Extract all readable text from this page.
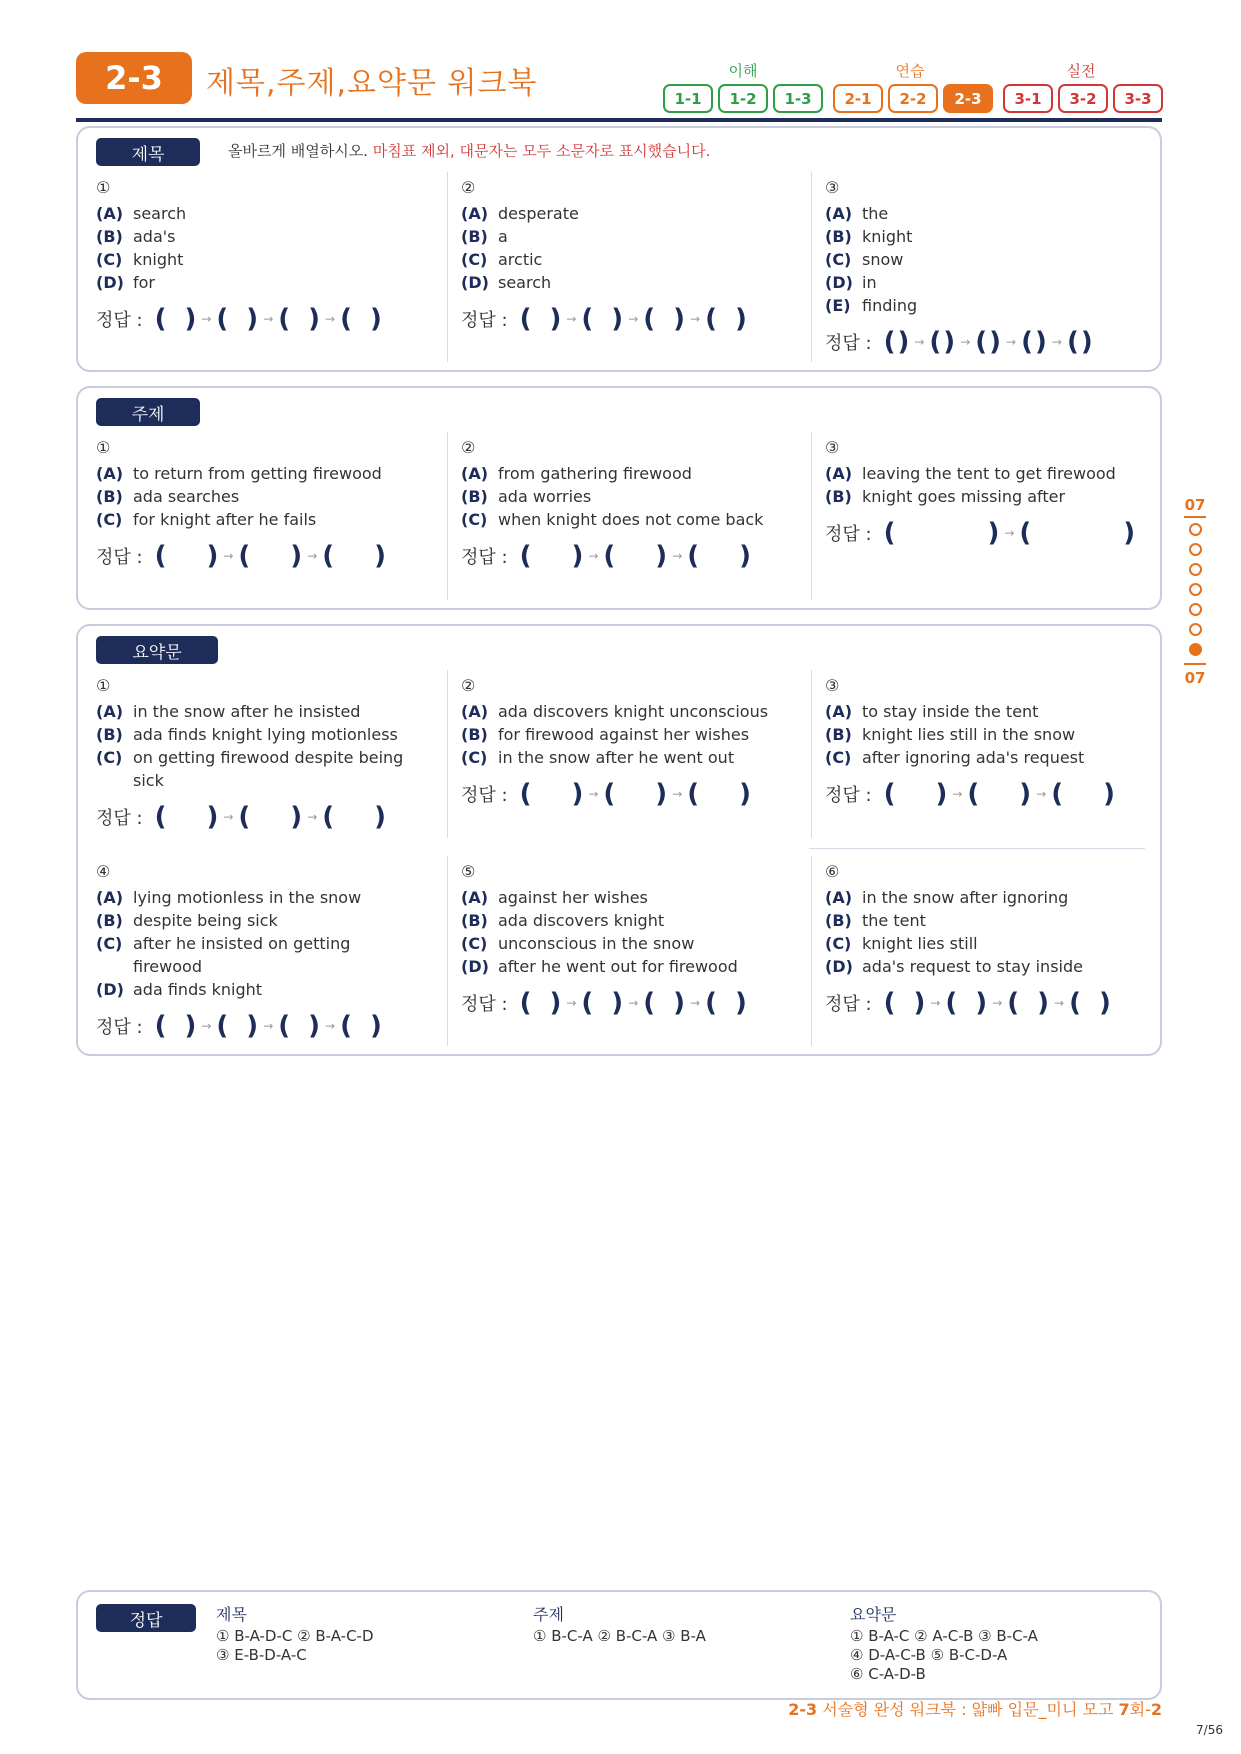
2-3	제목,주제,요약문 워크북	이해	연습	실전
1-1	1-2	1-3	2-1	2-2	2-3	3-1	3-2	3-3
제목	올바르게 배열하시오. 마침표 제외, 대문자는 모두 소문자로 표시했습니다.
①
(A) search
(B) ada's
(C) knight
(D) for
정답 : ( ) → ( ) → ( ) → ( )
②
(A) desperate
(B) a
(C) arctic
(D) search
정답 : ( ) → ( ) → ( ) → ( )
③
(A) the
(B) knight
(C) snow
(D) in
(E) finding
정답 : ( ) → ( ) → ( ) → ( ) → ( )
주제
①
(A) to return from getting firewood
(B) ada searches
(C) for knight after he fails
정답 : ( ) → ( ) → ( )
②
(A) from gathering firewood
(B) ada worries
(C) when knight does not come back
정답 : ( ) → ( ) → ( )
③
(A) leaving the tent to get firewood
(B) knight goes missing after
정답 : (	) → (	)
요약문
①
(A) in the snow after he insisted
(B) ada finds knight lying motionless
(C) on getting firewood despite being sick
정답 : ( ) → ( ) → ( )
②
(A) ada discovers knight unconscious
(B) for firewood against her wishes
(C) in the snow after he went out
정답 : ( ) → ( ) → ( )
③
(A) to stay inside the tent
(B) knight lies still in the snow
(C) after ignoring ada's request
정답 : ( ) → ( ) → ( )
④
(A) lying motionless in the snow
(B) despite being sick
(C) after he insisted on getting firewood
(D) ada finds knight
정답 : ( ) → ( ) → ( ) → ( )
⑤
(A) against her wishes
(B) ada discovers knight
(C) unconscious in the snow
(D) after he went out for firewood
정답 : ( ) → ( ) → ( ) → ( )
⑥
(A) in the snow after ignoring
(B) the tent
(C) knight lies still
(D) ada's request to stay inside
정답 : ( ) → ( ) → ( ) → ( )
07
07
정답	제목
① B-A-D-C ② B-A-C-D
③ E-B-D-A-C
주제
① B-C-A ② B-C-A ③ B-A
요약문
① B-A-C ② A-C-B ③ B-C-A
④ D-A-C-B ⑤ B-C-D-A
⑥ C-A-D-B
2-3 서술형 완성 워크북 : 얇빠 입문_미니 모고 7회-2
7/56
